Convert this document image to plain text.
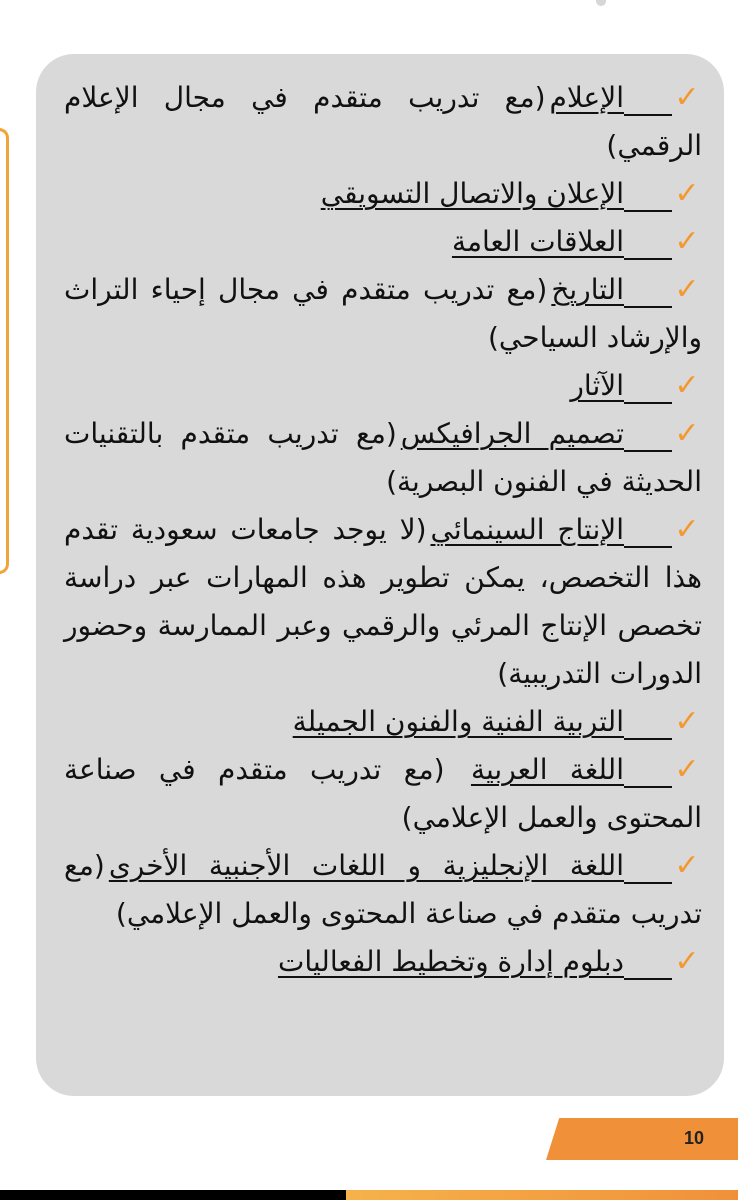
✓الإعلام(مع تدريب متقدم في مجال الإعلام الرقمي)

✓الإعلان والاتصال التسويقي

✓العلاقات العامة

✓التاريخ(مع تدريب متقدم في مجال إحياء التراث والإرشاد السياحي)

✓الآثار

✓تصميم الجرافيكس(مع تدريب متقدم بالتقنيات الحديثة في الفنون البصرية)

✓الإنتاج السينمائي(لا يوجد جامعات سعودية تقدم هذا التخصص، يمكن تطوير هذه المهارات عبر دراسة تخصص الإنتاج المرئي والرقمي وعبر الممارسة وحضور الدورات التدريبية)

✓التربية الفنية والفنون الجميلة

✓اللغة العربية (مع تدريب متقدم في صناعة المحتوى والعمل الإعلامي)

✓اللغة الإنجليزية و اللغات الأجنبية الأخرى(مع تدريب متقدم في صناعة المحتوى والعمل الإعلامي)

✓دبلوم إدارة وتخطيط الفعاليات

10
